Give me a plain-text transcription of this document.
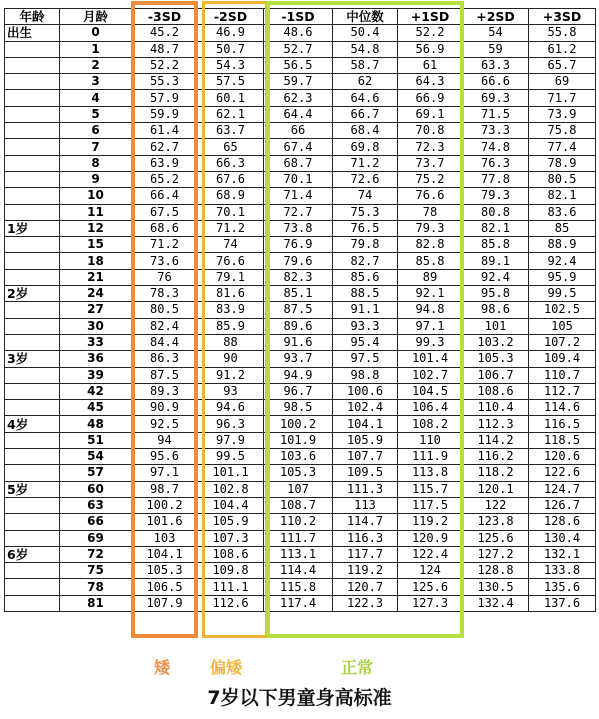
年龄	月龄	-3SD	-2SD	-1SD	中位数	+1SD	+2SD	+3SD
出生	0	45.2	46.9	48.6	50.4	52.2	54	55.8
	1	48.7	50.7	52.7	54.8	56.9	59	61.2
	2	52.2	54.3	56.5	58.7	61	63.3	65.7
	3	55.3	57.5	59.7	62	64.3	66.6	69
	4	57.9	60.1	62.3	64.6	66.9	69.3	71.7
	5	59.9	62.1	64.4	66.7	69.1	71.5	73.9
	6	61.4	63.7	66	68.4	70.8	73.3	75.8
	7	62.7	65	67.4	69.8	72.3	74.8	77.4
	8	63.9	66.3	68.7	71.2	73.7	76.3	78.9
	9	65.2	67.6	70.1	72.6	75.2	77.8	80.5
	10	66.4	68.9	71.4	74	76.6	79.3	82.1
	11	67.5	70.1	72.7	75.3	78	80.8	83.6
1岁	12	68.6	71.2	73.8	76.5	79.3	82.1	85
	15	71.2	74	76.9	79.8	82.8	85.8	88.9
	18	73.6	76.6	79.6	82.7	85.8	89.1	92.4
	21	76	79.1	82.3	85.6	89	92.4	95.9
2岁	24	78.3	81.6	85.1	88.5	92.1	95.8	99.5
	27	80.5	83.9	87.5	91.1	94.8	98.6	102.5
	30	82.4	85.9	89.6	93.3	97.1	101	105
	33	84.4	88	91.6	95.4	99.3	103.2	107.2
3岁	36	86.3	90	93.7	97.5	101.4	105.3	109.4
	39	87.5	91.2	94.9	98.8	102.7	106.7	110.7
	42	89.3	93	96.7	100.6	104.5	108.6	112.7
	45	90.9	94.6	98.5	102.4	106.4	110.4	114.6
4岁	48	92.5	96.3	100.2	104.1	108.2	112.3	116.5
	51	94	97.9	101.9	105.9	110	114.2	118.5
	54	95.6	99.5	103.6	107.7	111.9	116.2	120.6
	57	97.1	101.1	105.3	109.5	113.8	118.2	122.6
5岁	60	98.7	102.8	107	111.3	115.7	120.1	124.7
	63	100.2	104.4	108.7	113	117.5	122	126.7
	66	101.6	105.9	110.2	114.7	119.2	123.8	128.6
	69	103	107.3	111.7	116.3	120.9	125.6	130.4
6岁	72	104.1	108.6	113.1	117.7	122.4	127.2	132.1
	75	105.3	109.8	114.4	119.2	124	128.8	133.8
	78	106.5	111.1	115.8	120.7	125.6	130.5	135.6
	81	107.9	112.6	117.4	122.3	127.3	132.4	137.6
矮 偏矮	正常
7岁以下男童身高标准
